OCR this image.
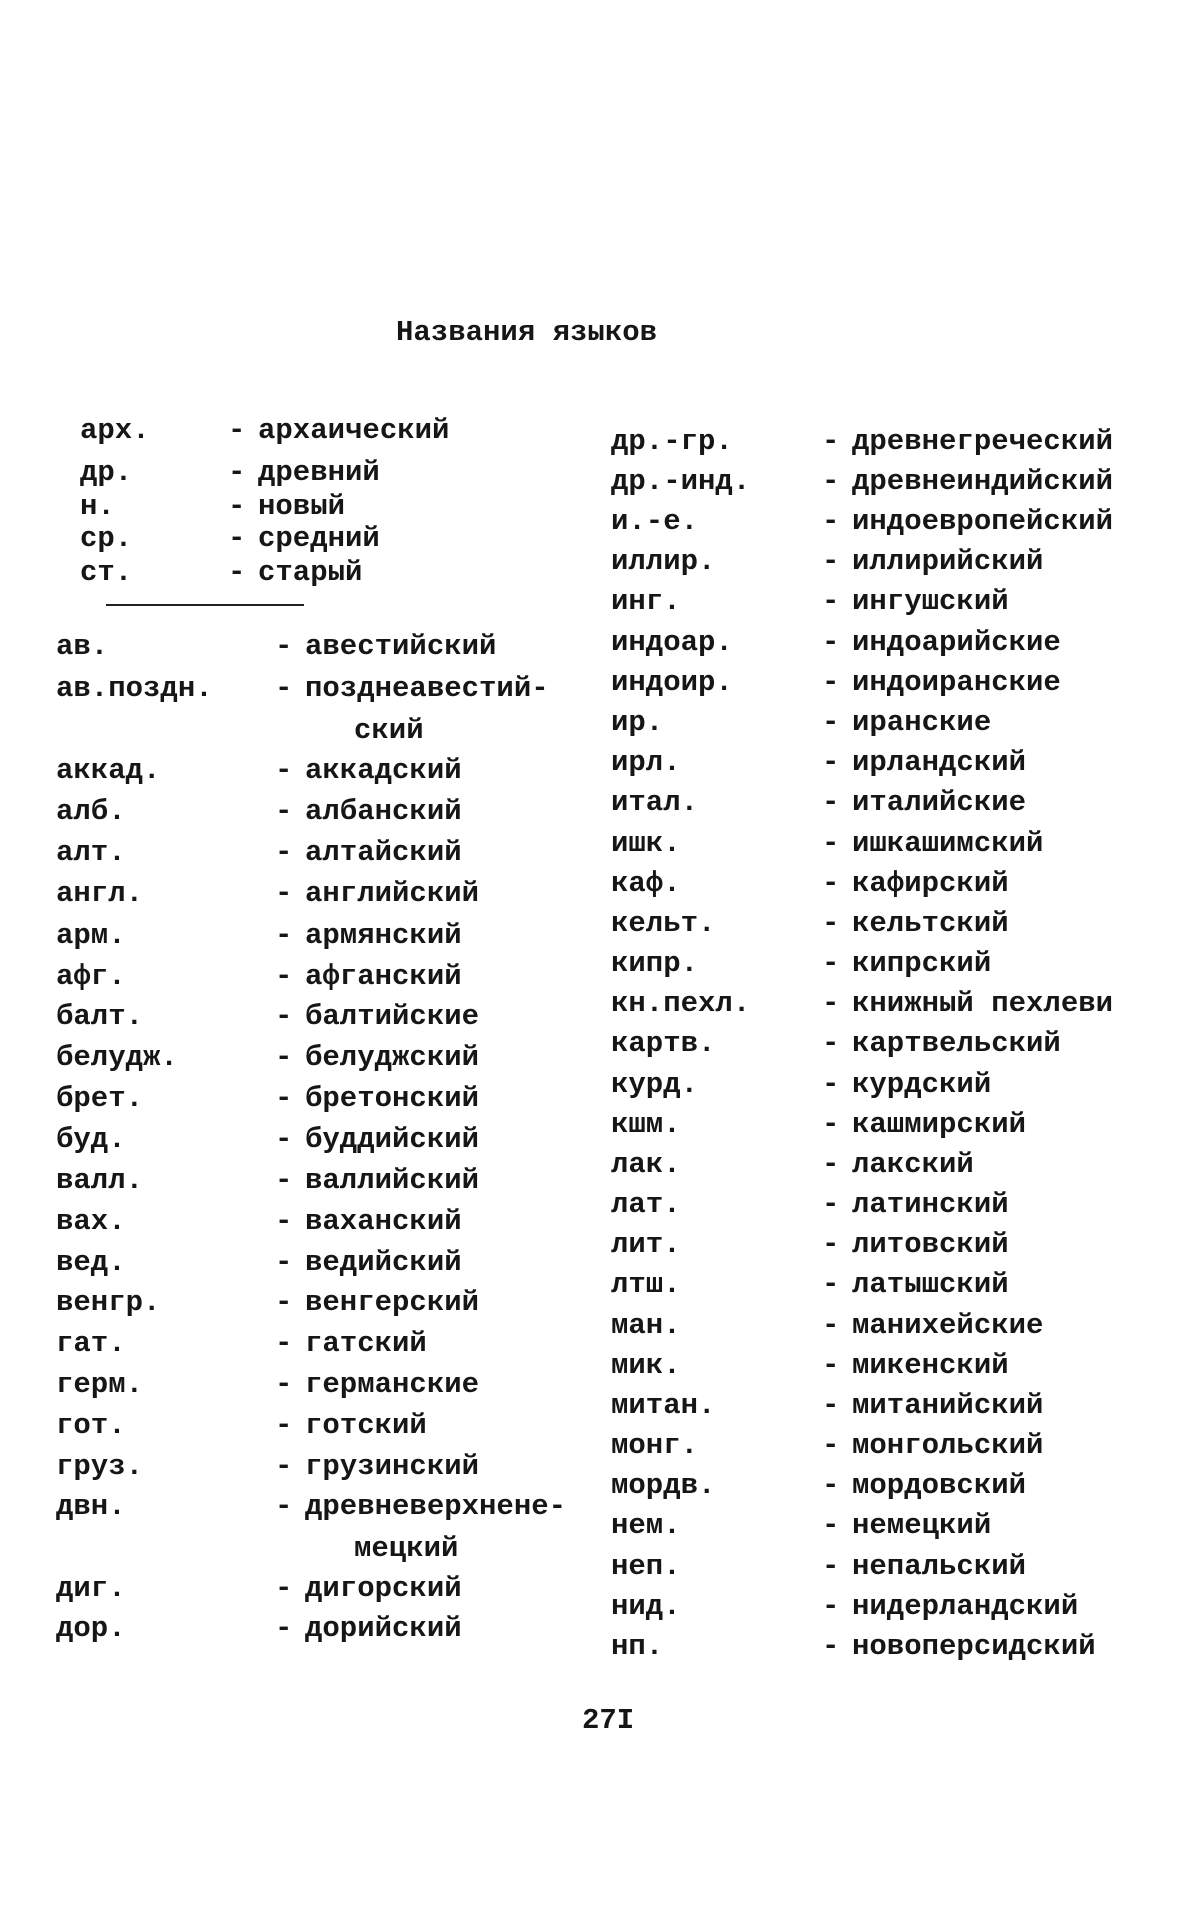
Названия языков
арх.	- архаический
др.	- древний
н.	- новый
ср.	- средний
ст.	- старый
ав.	- авестийский
ав.поздн. - позднеавестий-
ский
аккад.	- аккадский
алб.	- албанский
алт.	- алтайский
англ.	- английский
арм.	- армянский
афг.	- афганский
балт.	- балтийские
белудж.	- белуджский
брет.	- бретонский
буд.	- буддийский
валл.	- валлийский
вах.	- ваханский
вед.	- ведийский
венгр.	- венгерский
гат.	- гатский
герм.	- германские
гот.	- готский
груз.	- грузинский
двн.	- древневерхнене-
мецкий
диг.	- дигорский
дор.	- дорийский
др.-гр.	- древнегреческий
др.-инд. - древнеиндийский
и.-е.	- индоевропейский
иллир.	- иллирийский
инг.	- ингушский
индоар.	- индоарийские
индоир.	- индоиранские
ир.	- иранские
ирл.	- ирландский
итал.	- италийские
ишк.	- ишкашимский
каф.	- кафирский
кельт.	- кельтский
кипр.	- кипрский
кн.пехл. - книжный пехлеви
картв.	- картвельский
курд.	- курдский
кшм.	- кашмирский
лак.	- лакский
лат.	- латинский
лит.	- литовский
лтш.	- латышский
ман.	- манихейские
мик.	- микенский
митан.	- митанийский
монг.	- монгольский
мордв.	- мордовский
нем.	- немецкий
неп.	- непальский
нид.	- нидерландский
нп.	- новоперсидский
27I
